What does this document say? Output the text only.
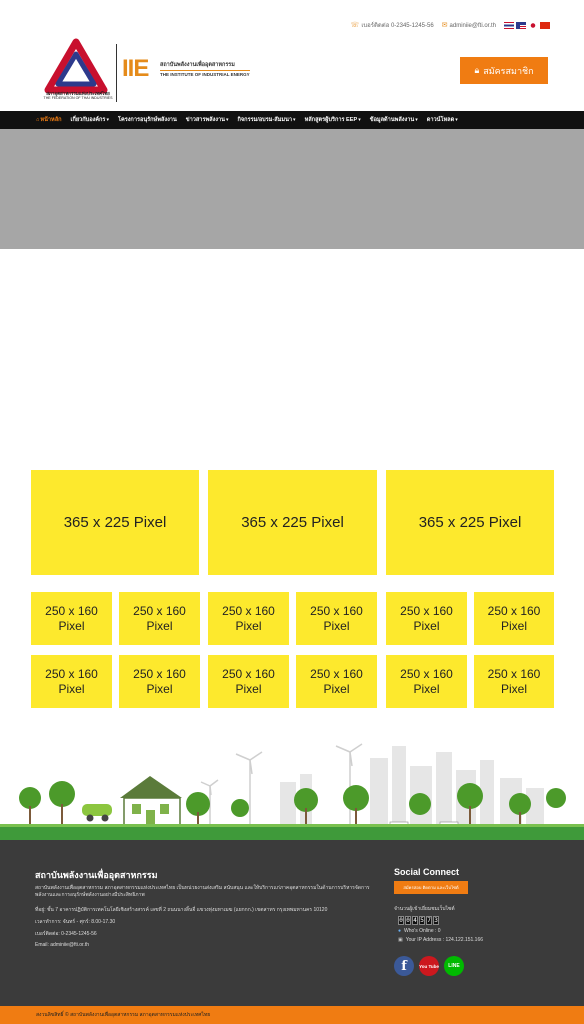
☏ เบอร์ติดต่อ 0-2345-1245-56 ✉ adminiie@fti.or.th
สภาอุตสาหกรรมแห่งประเทศไทย
THE FEDERATION OF THAI INDUSTRIES
IIE สถาบันพลังงานเพื่ออุตสาหกรรม
THE INSTITUTE OF INDUSTRIAL ENERGY	🔒︎ สมัครสมาชิก
⌂ หน้าหลัก เกี่ยวกับองค์กร ▾ โครงการอนุรักษ์พลังงาน ข่าวสารพลังงาน ▾ กิจกรรม/อบรม-สัมมนา ▾ หลักสูตรผู้บริการ EEP ▾ ข้อมูลด้านพลังงาน ▾ ดาวน์โหลด ▾
365 x 225 Pixel	365 x 225 Pixel	365 x 225 Pixel
250 x 160 Pixel
250 x 160 Pixel
250 x 160 Pixel
250 x 160 Pixel
250 x 160 Pixel
250 x 160 Pixel
250 x 160 Pixel
250 x 160 Pixel
250 x 160 Pixel
250 x 160 Pixel
250 x 160 Pixel
250 x 160 Pixel
สถาบันพลังงานเพื่ออุตสาหกรรม
สถาบันพลังงานเพื่ออุตสาหกรรม สภาอุตสาหกรรมแห่งประเทศไทย เป็นหน่วยงานส่งเสริม สนับสนุน และให้บริการแก่ภาคอุตสาหกรรมในด้านการบริหารจัดการพลังงานและการอนุรักษ์พลังงานอย่างมีประสิทธิภาพ
ที่อยู่: ชั้น 7 อาคารปฏิบัติการเทคโนโลยีเชิงสร้างสรรค์ เลขที่ 2 ถนนนางลิ้นจี่ แขวงทุ่งมหาเมฆ (แยกกก.) เขตสาทร กรุงเทพมหานคร 10120
เวลาทำการ: จันทร์ - ศุกร์: 8.00-17.30
เบอร์ติดต่อ: 0-2345-1245-56
Email: adminiie@fti.or.th
Social Connect
สมัครสอบ ติดตาม และเว็บไซต์
จำนวนผู้เข้าเยี่ยมชมเว็บไซต์
0 0 4 5 7 3
● Who's Online : 0
▣ Your IP Address : 124.122.151.166
f	You Tube	LINE
สงวนลิขสิทธิ์ © สถาบันพลังงานเพื่ออุตสาหกรรม สภาอุตสาหกรรมแห่งประเทศไทย
